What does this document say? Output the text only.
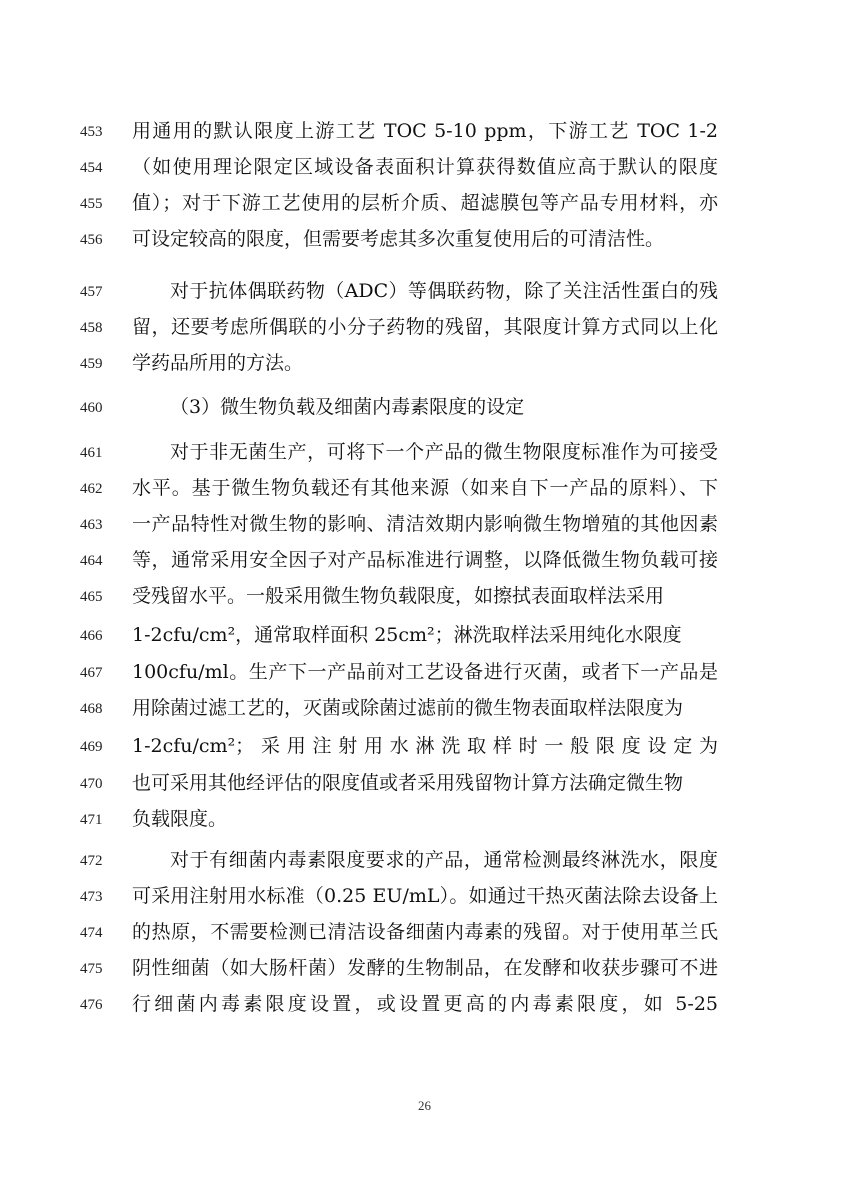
453 用通用的默认限度上游工艺 TOC 5-10 ppm，下游工艺 TOC 1-2
454 （如使用理论限定区域设备表面积计算获得数值应高于默认的限度
455 值）；对于下游工艺使用的层析介质、超滤膜包等产品专用材料，亦
456 可设定较高的限度，但需要考虑其多次重复使用后的可清洁性。
457	对于抗体偶联药物（ADC）等偶联药物，除了关注活性蛋白的残
458 留，还要考虑所偶联的小分子药物的残留，其限度计算方式同以上化
459 学药品所用的方法。
460	（3）微生物负载及细菌内毒素限度的设定
461	对于非无菌生产，可将下一个产品的微生物限度标准作为可接受
462 水平。基于微生物负载还有其他来源（如来自下一产品的原料）、下
463 一产品特性对微生物的影响、清洁效期内影响微生物增殖的其他因素
464 等，通常采用安全因子对产品标准进行调整，以降低微生物负载可接
465 受残留水平。一般采用微生物负载限度，如擦拭表面取样法采用
466 1-2cfu/cm²，通常取样面积 25cm²；淋洗取样法采用纯化水限度
467 100cfu/ml。生产下一产品前对工艺设备进行灭菌，或者下一产品是
468 用除菌过滤工艺的，灭菌或除菌过滤前的微生物表面取样法限度为
469 1-2cfu/cm²；采用注射用水淋洗取样时一般限度设定为
470 也可采用其他经评估的限度值或者采用残留物计算方法确定微生物
471 负载限度。
472	对于有细菌内毒素限度要求的产品，通常检测最终淋洗水，限度
473 可采用注射用水标准（0.25 EU/mL）。如通过干热灭菌法除去设备上
474 的热原，不需要检测已清洁设备细菌内毒素的残留。对于使用革兰氏
475 阴性细菌（如大肠杆菌）发酵的生物制品，在发酵和收获步骤可不进
476 行细菌内毒素限度设置，或设置更高的内毒素限度，如 5-25
26
